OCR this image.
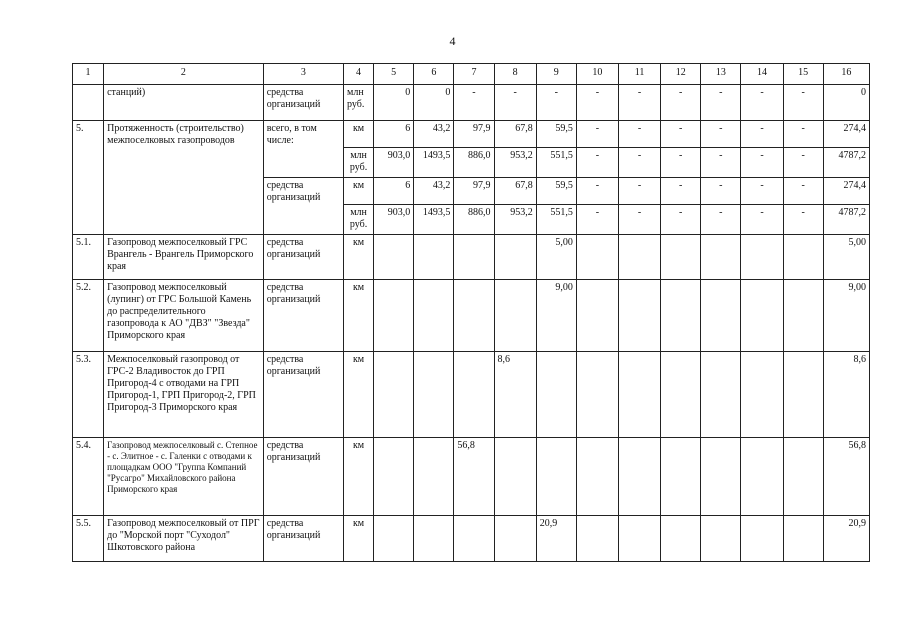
4
1	2	3	4	5	6	7	8	9	10	11	12	13	14	15	16
	станций)	средства организаций	млн руб.	0	0	-	-	-	-	-	-	-	-	-	0
5.	Протяженность (строительство) межпоселковых газопроводов	всего, в том числе:	км	6	43,2	97,9	67,8	59,5	-	-	-	-	-	-	274,4
			млн руб.	903,0	1493,5	886,0	953,2	551,5	-	-	-	-	-	-	4787,2
		средства организаций	км	6	43,2	97,9	67,8	59,5	-	-	-	-	-	-	274,4
			млн руб.	903,0	1493,5	886,0	953,2	551,5	-	-	-	-	-	-	4787,2
5.1.	Газопровод межпоселковый ГРС Врангель - Врангель Приморского края	средства организаций	км					5,00							5,00
5.2.	Газопровод межпоселковый (лупинг) от ГРС Большой Камень до распределительного газопровода к АО "ДВЗ" "Звезда" Приморского края	средства организаций	км					9,00							9,00
5.3.	Межпоселковый газопровод от ГРС-2 Владивосток до ГРП Пригород-4 с отводами на ГРП Пригород-1, ГРП Пригород-2, ГРП Пригород-3 Приморского края	средства организаций	км				8,6								8,6
5.4.	Газопровод межпоселковый с. Степное - с. Элитное - с. Галенки с отводами к площадкам ООО "Группа Компаний "Русагро" Михайловского района Приморского края	средства организаций	км			56,8									56,8
5.5.	Газопровод межпоселковый от ПРГ до "Морской порт "Суходол" Шкотовского района	средства организаций	км					20,9							20,9
